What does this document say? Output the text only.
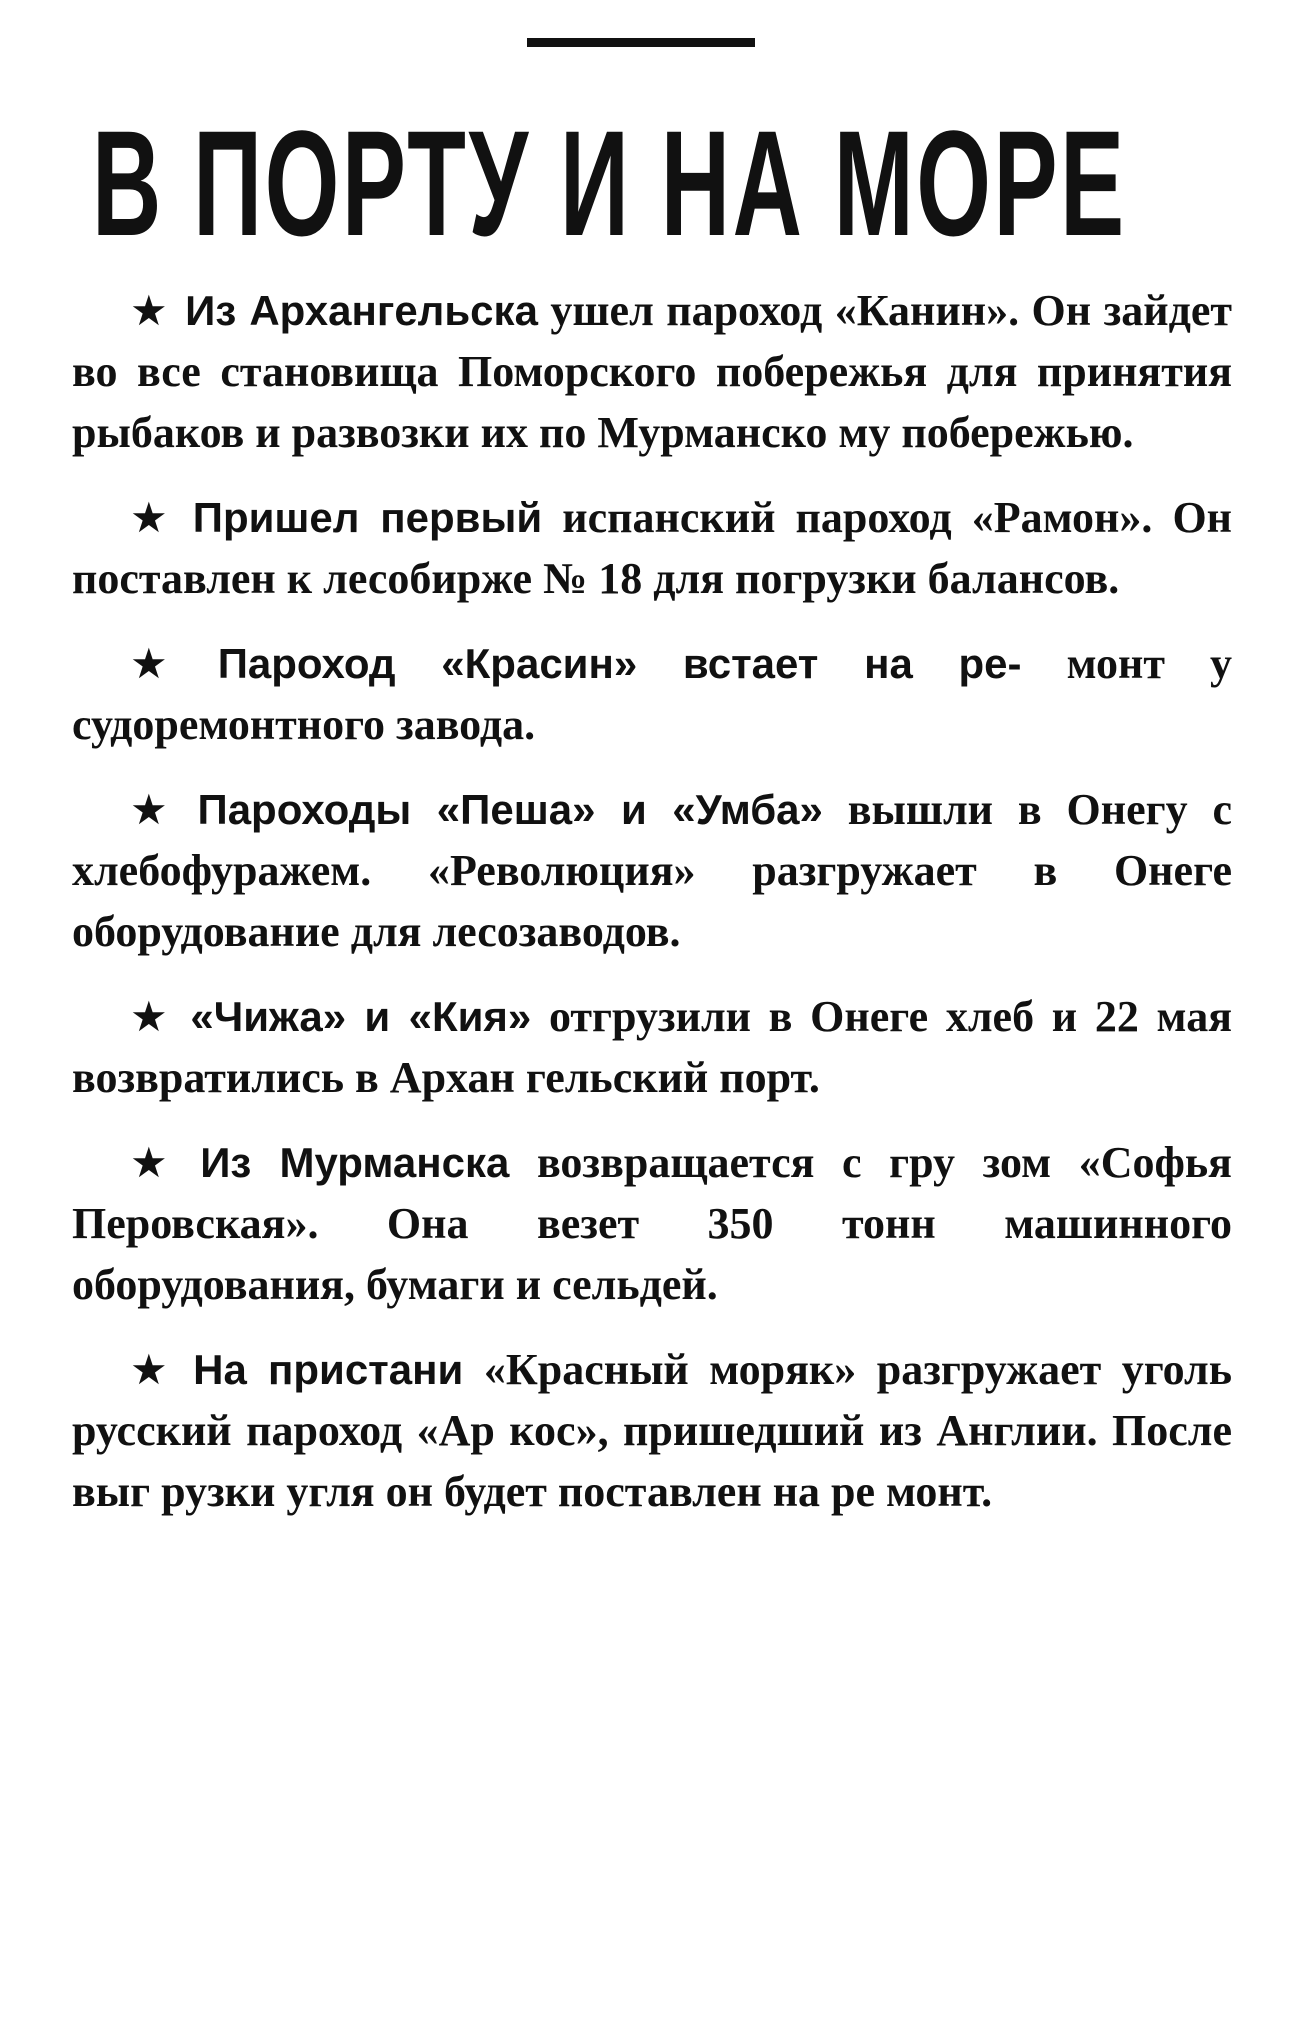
В ПОРТУ И НА МОРЕ

★ Из Архангельска ушел пароход «Канин». Он зайдет во все становища Поморского побережья для принятия рыбаков и развозки их по Мурманско му побережью.

★ Пришел первый испанский пароход «Рамон». Он поставлен к лесобирже № 18 для погрузки балансов.

★ Пароход «Красин» встает на ре- монт у судоремонтного завода.

★ Пароходы «Пеша» и «Умба» вышли в Онегу с хлебофуражем. «Революция» разгружает в Онеге оборудование для лесозаводов.

★ «Чижа» и «Кия» отгрузили в Онеге хлеб и 22 мая возвратились в Архан гельский порт.

★ Из Мурманска возвращается с гру зом «Софья Перовская». Она везет 350 тонн машинного оборудования, бумаги и сельдей.

★ На пристани «Красный моряк» разгружает уголь русский пароход «Ар кос», пришедший из Англии. После выг рузки угля он будет поставлен на ре монт.
